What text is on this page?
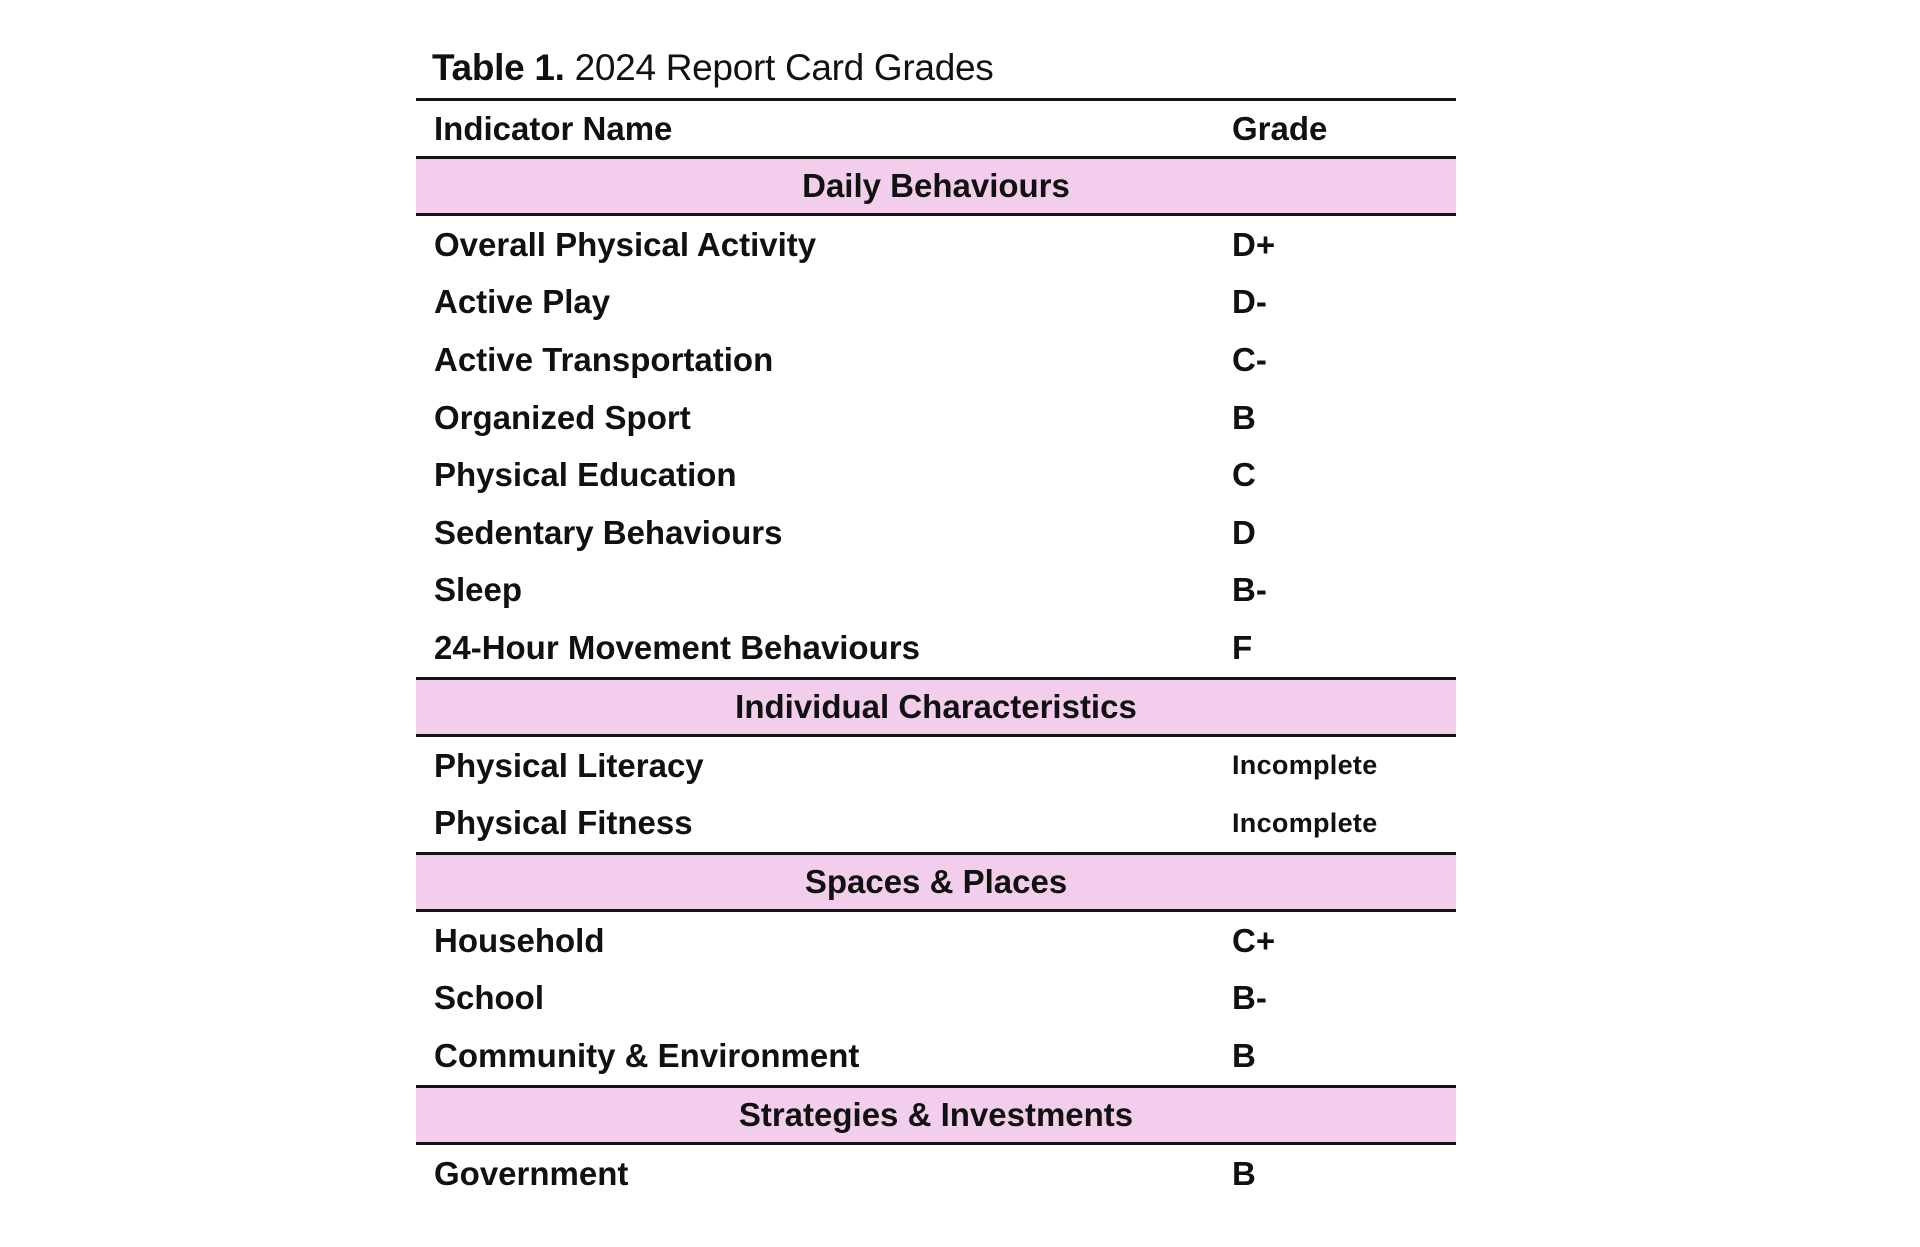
Table 1. 2024 Report Card Grades
Indicator Name	Grade
Daily Behaviours
Overall Physical Activity	D+
Active Play	D-
Active Transportation	C-
Organized Sport	B
Physical Education	C
Sedentary Behaviours	D
Sleep	B-
24-Hour Movement Behaviours	F
Individual Characteristics
Physical Literacy	Incomplete
Physical Fitness	Incomplete
Spaces & Places
Household	C+
School	B-
Community & Environment	B
Strategies & Investments
Government	B
